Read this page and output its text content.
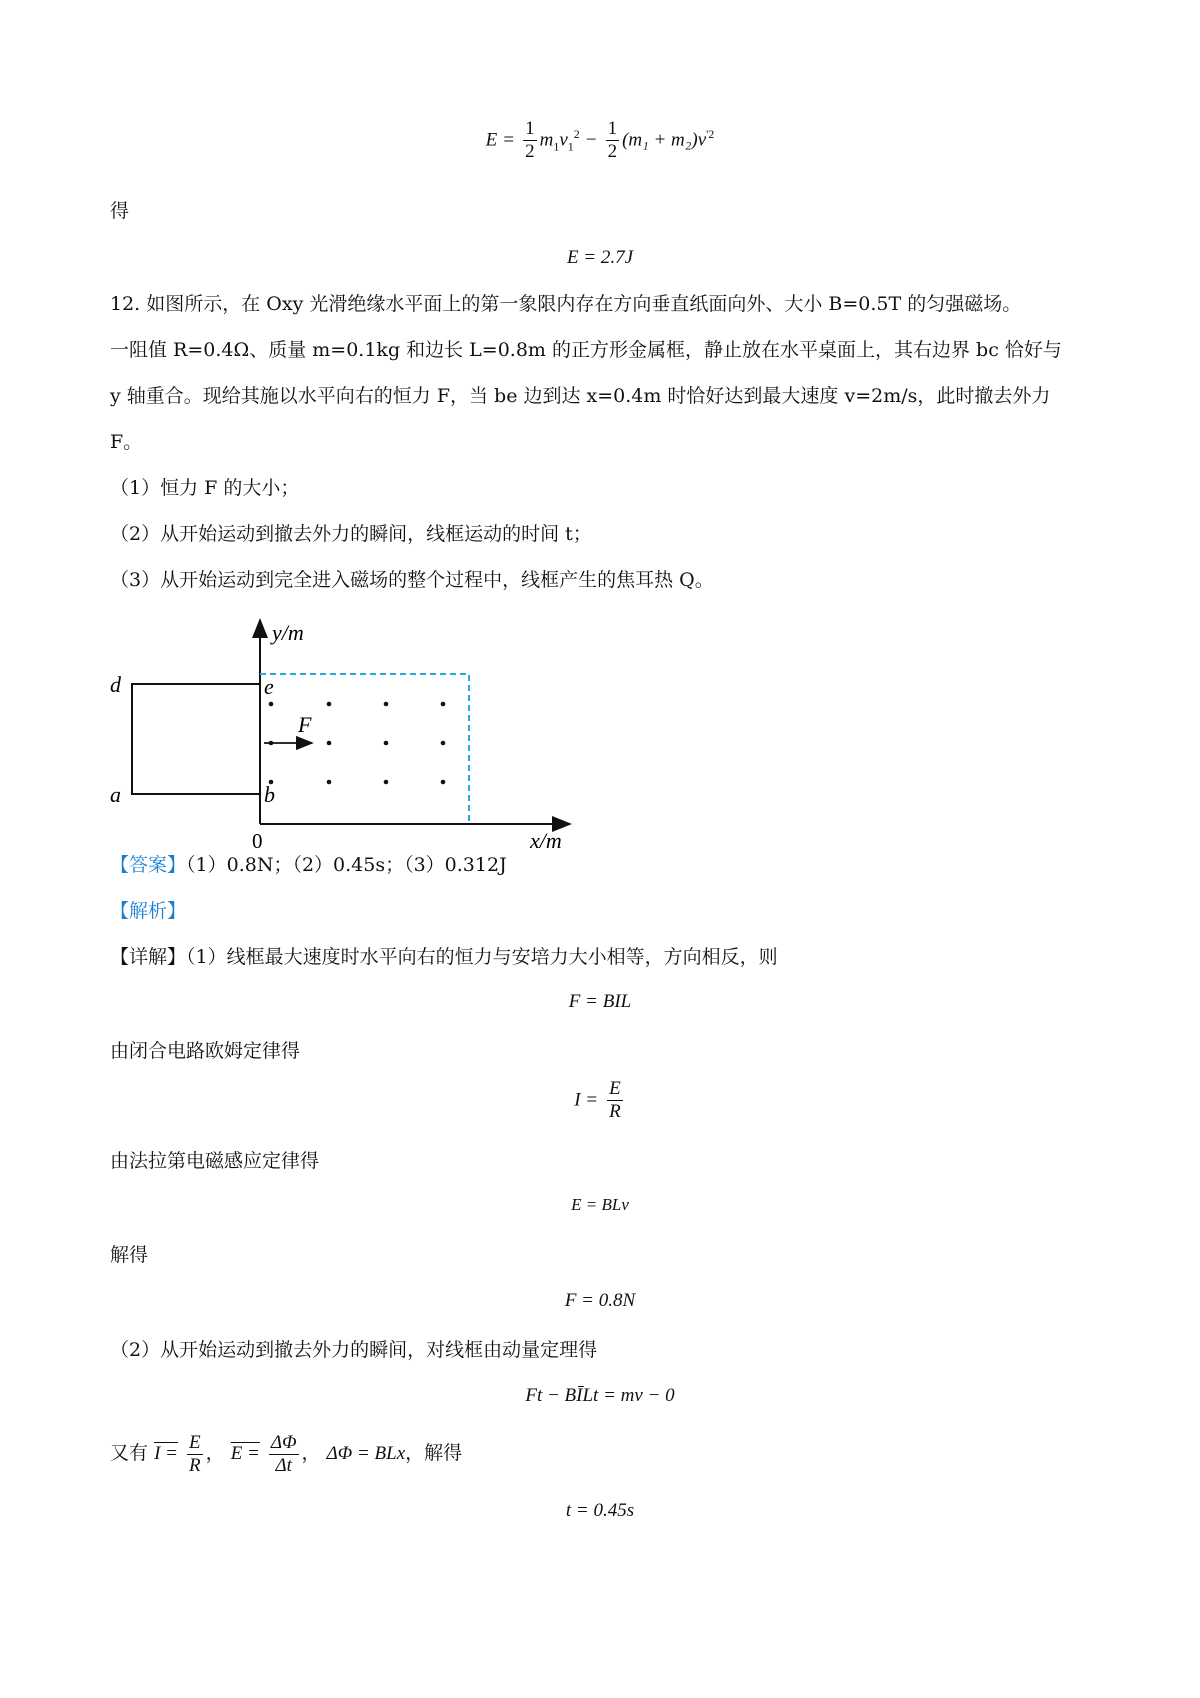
$E = \frac{1}{2} m_1v_1^2 - \frac{1}{2} (m_1 + m_2)v^{'2}$
得
E = 2.7J
12. 如图所示，在 Oxy 光滑绝缘水平面上的第一象限内存在方向垂直纸面向外、大小 B=0.5T 的匀强磁场。
一阻值 R=0.4Ω、质量 m=0.1kg 和边长 L=0.8m 的正方形金属框，静止放在水平桌面上，其右边界 bc 恰好与
y 轴重合。现给其施以水平向右的恒力 F，当 be 边到达 x=0.4m 时恰好达到最大速度 v=2m/s，此时撤去外力
F。
（1）恒力 F 的大小；
（2）从开始运动到撤去外力的瞬间，线框运动的时间 t；
（3）从开始运动到完全进入磁场的整个过程中，线框产生的焦耳热 Q。
y/m
x/m
0
d
a
e
b
F
【答案】（1）0.8N；（2）0.45s；（3）0.312J
【解析】
【详解】（1）线框最大速度时水平向右的恒力与安培力大小相等，方向相反，则
F = BIL
由闭合电路欧姆定律得
$I = \frac{E}{R}$
由法拉第电磁感应定律得
E = BLv
解得
F = 0.8N
（2）从开始运动到撤去外力的瞬间，对线框由动量定理得
Ft − BĪLt = mv − 0
又有 $I = \frac{E}{R}$ ， $E = \frac{\Delta\Phi}{\Delta t}$ ， ΔΦ = BLx，解得
t = 0.45s
